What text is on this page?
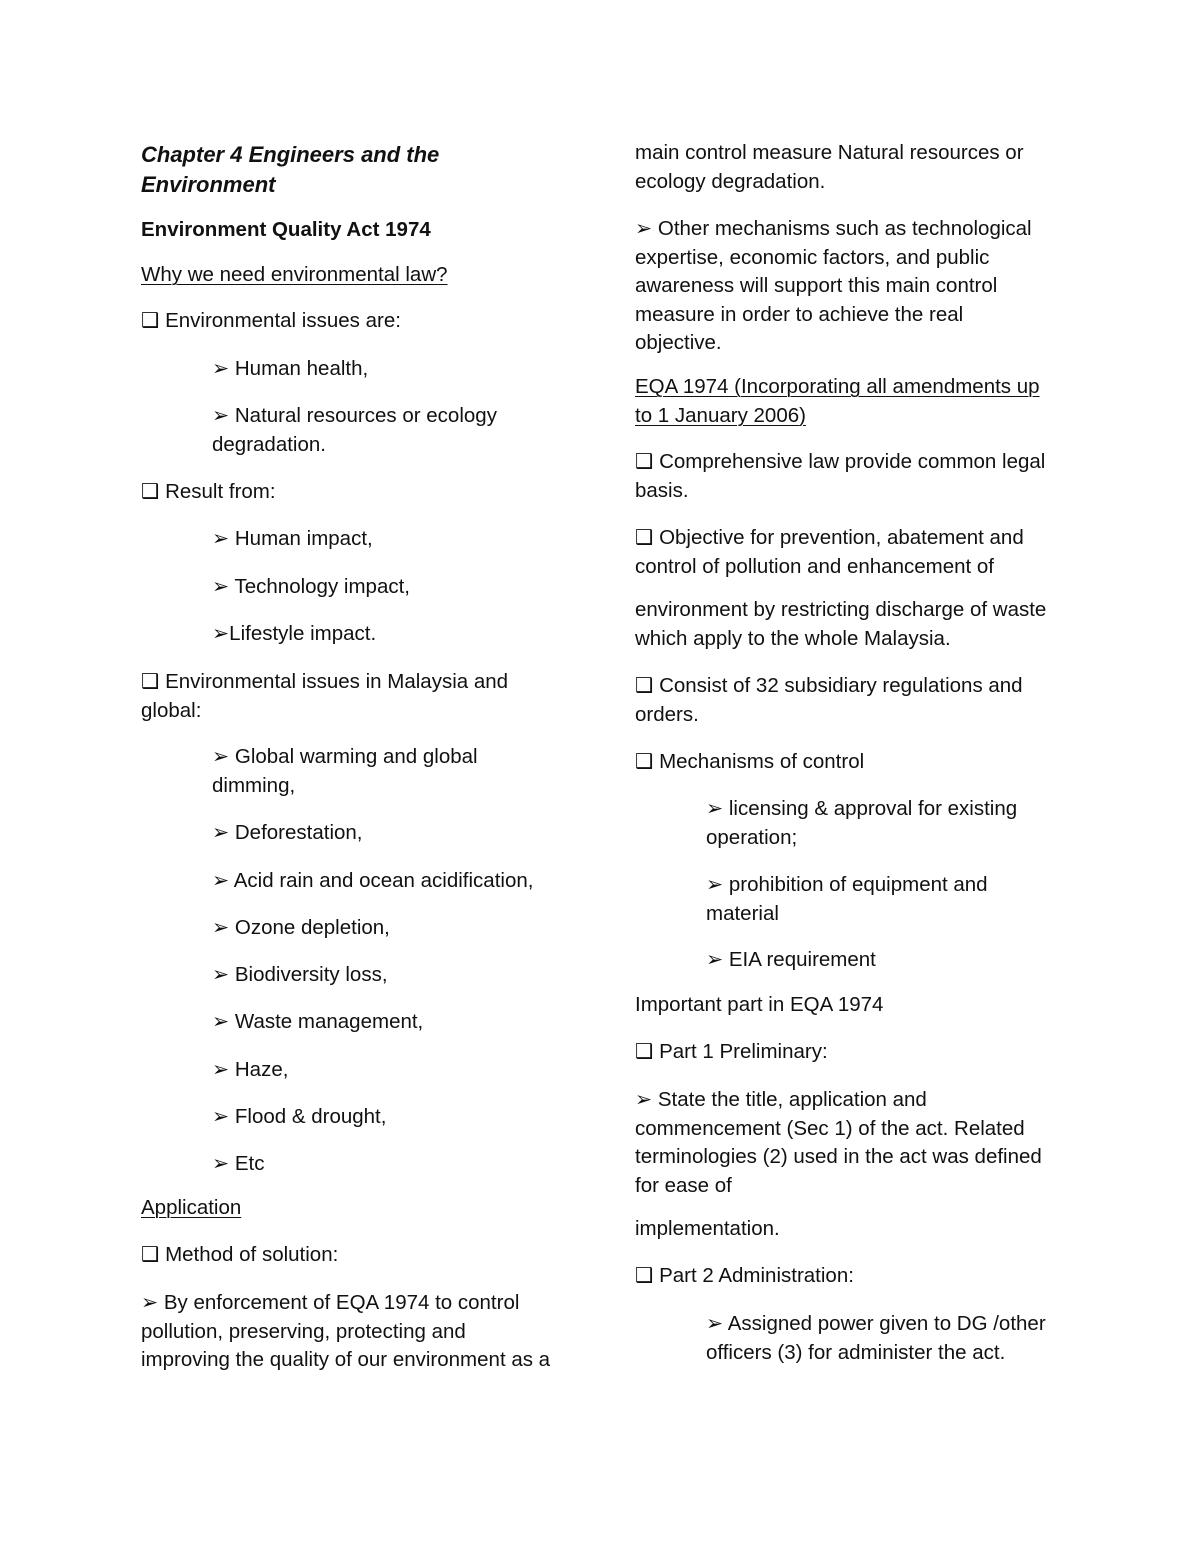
Chapter 4 Engineers and the
Environment
Environment Quality Act 1974
Why we need environmental law?
❑ Environmental issues are:
➢ Human health,
➢ Natural resources or ecology
degradation.
❑ Result from:
➢ Human impact,
➢ Technology impact,
➢Lifestyle impact.
❑ Environmental issues in Malaysia and
global:
➢ Global warming and global
dimming,
➢ Deforestation,
➢ Acid rain and ocean acidification,
➢ Ozone depletion,
➢ Biodiversity loss,
➢ Waste management,
➢ Haze,
➢ Flood & drought,
➢ Etc
Application
❑ Method of solution:
➢ By enforcement of EQA 1974 to control
pollution, preserving, protecting and
improving the quality of our environment as a
main control measure Natural resources or
ecology degradation.
➢ Other mechanisms such as technological
expertise, economic factors, and public
awareness will support this main control
measure in order to achieve the real
objective.
EQA 1974 (Incorporating all amendments up
to 1 January 2006)
❑ Comprehensive law provide common legal
basis.
❑ Objective for prevention, abatement and
control of pollution and enhancement of
environment by restricting discharge of waste
which apply to the whole Malaysia.
❑ Consist of 32 subsidiary regulations and
orders.
❑ Mechanisms of control
➢ licensing & approval for existing
operation;
➢ prohibition of equipment and
material
➢ EIA requirement
Important part in EQA 1974
❑ Part 1 Preliminary:
➢ State the title, application and
commencement (Sec 1) of the act. Related
terminologies (2) used in the act was defined
for ease of
implementation.
❑ Part 2 Administration:
➢ Assigned power given to DG /other
officers (3) for administer the act.
